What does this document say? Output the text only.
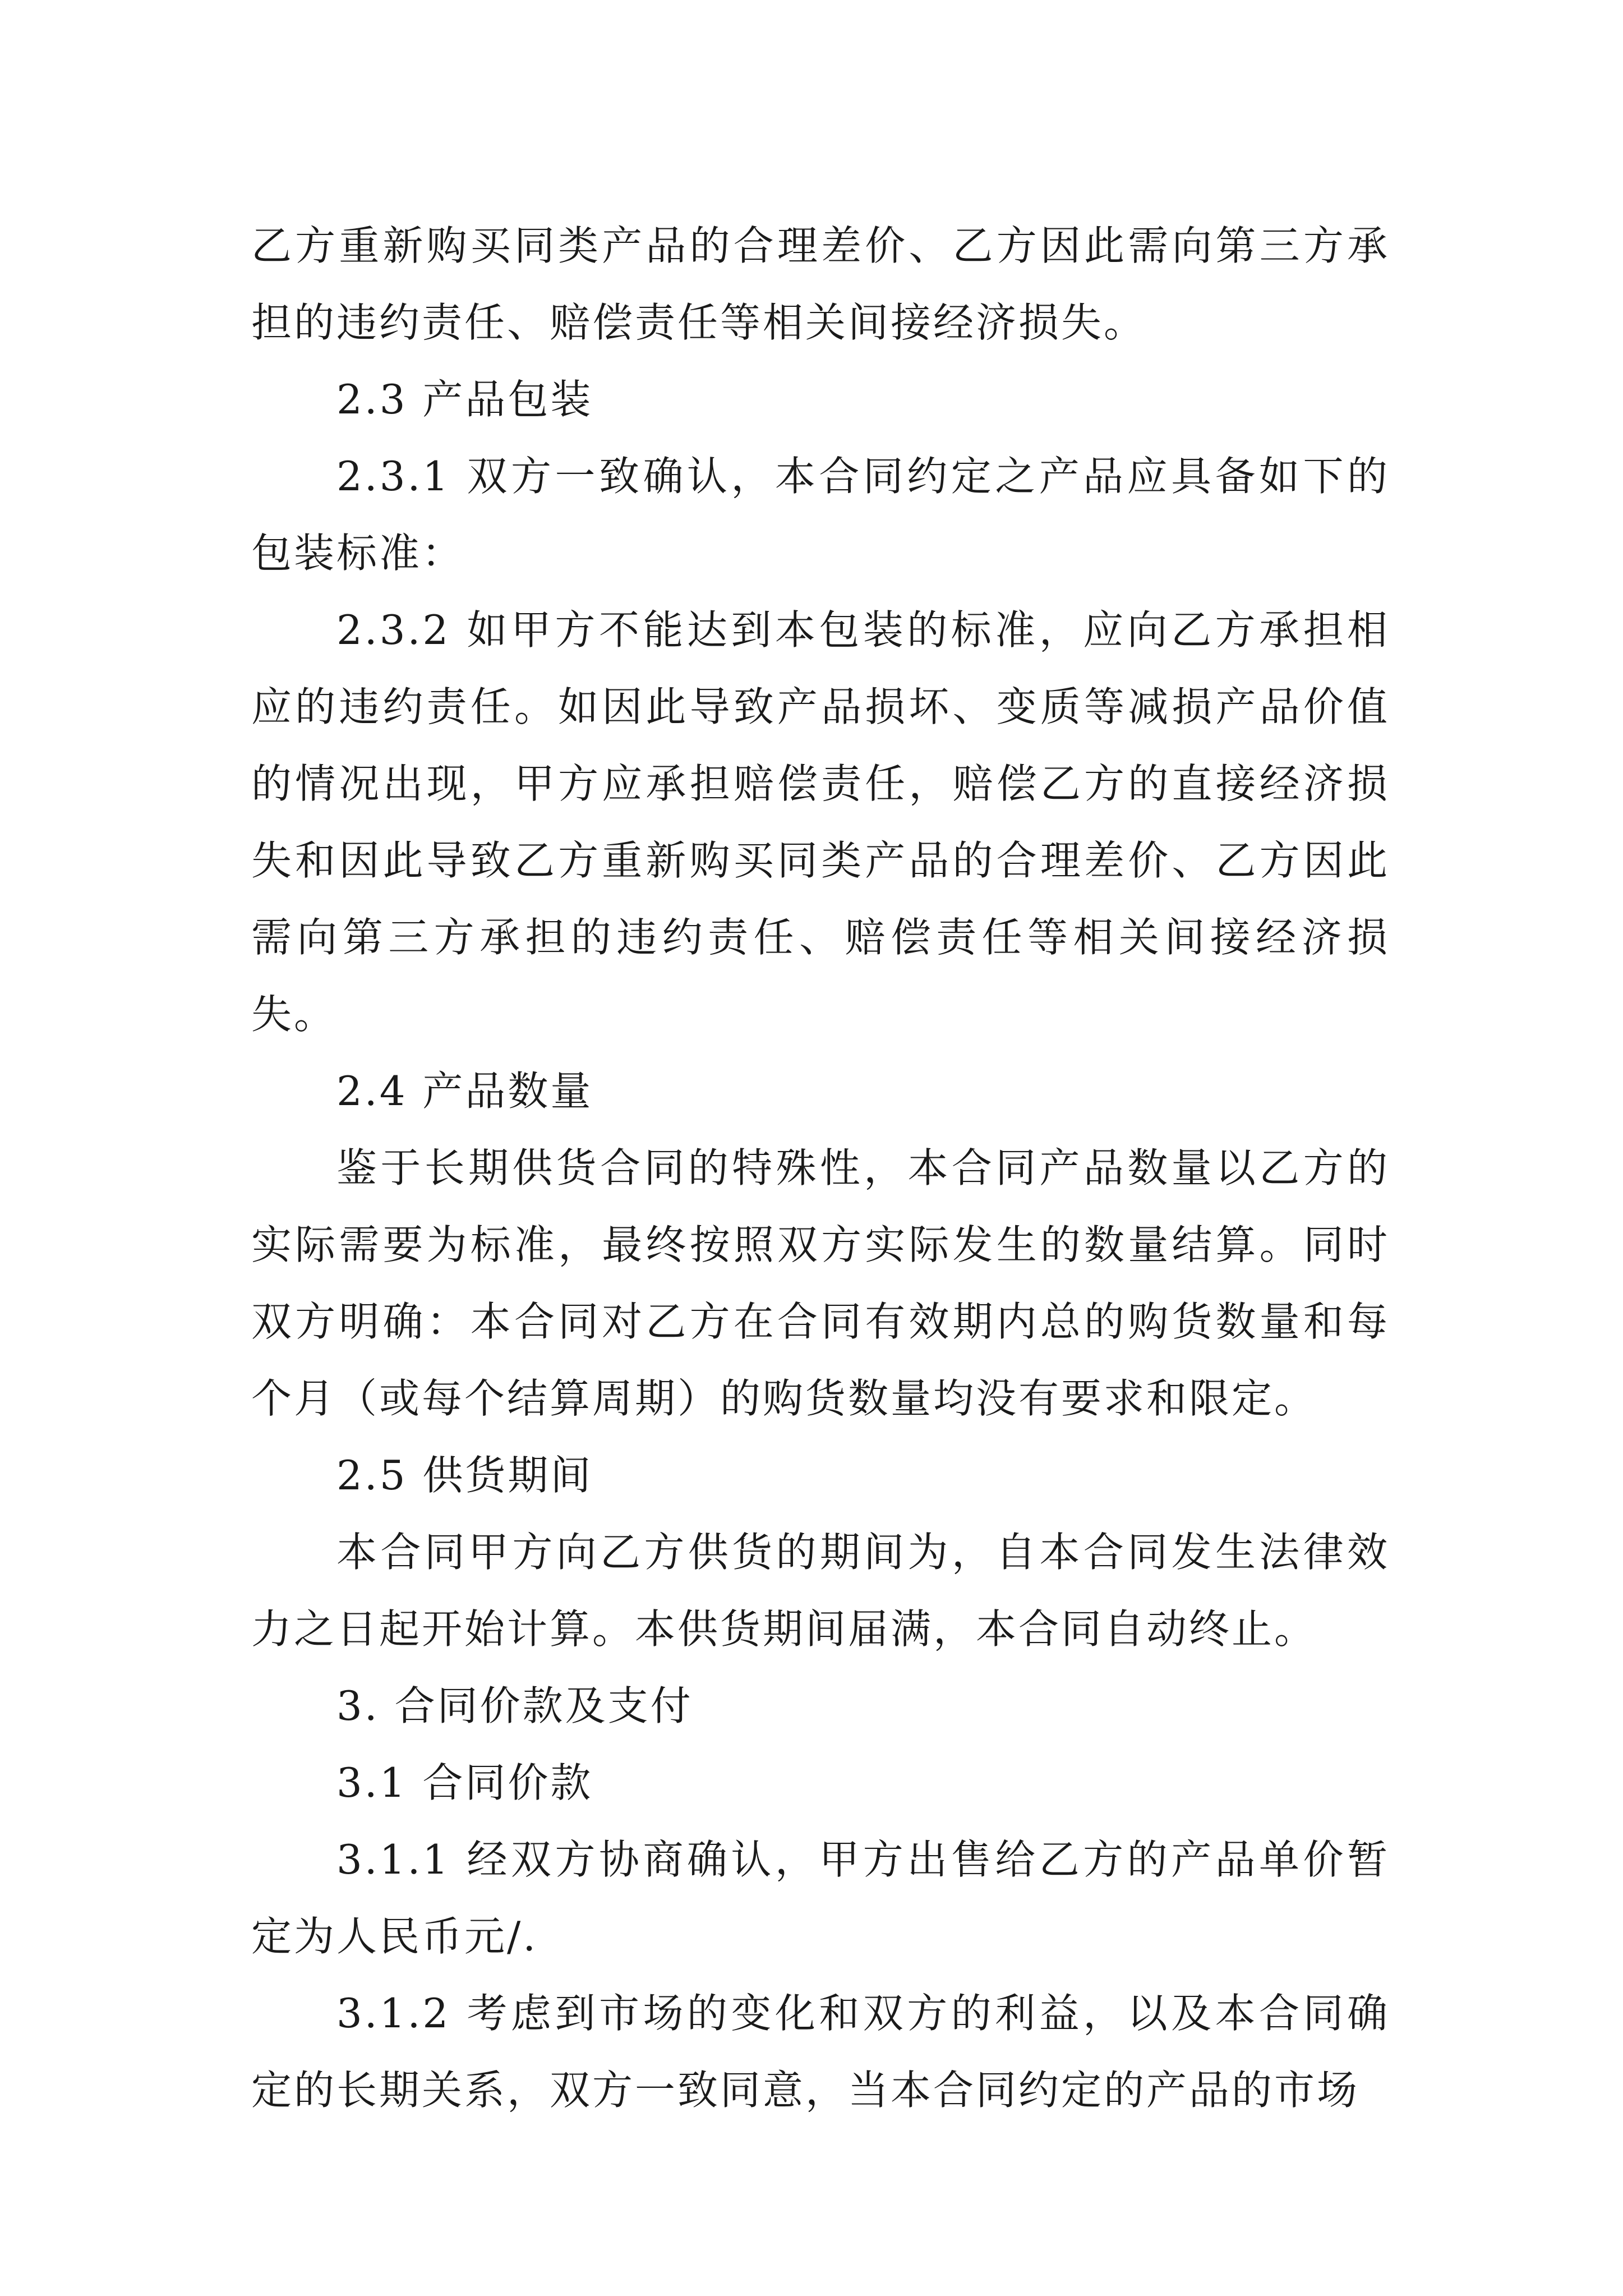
乙方重新购买同类产品的合理差价、乙方因此需向第三方承担的违约责任、赔偿责任等相关间接经济损失。

2.3 产品包装

2.3.1 双方一致确认，本合同约定之产品应具备如下的包装标准：

2.3.2 如甲方不能达到本包装的标准，应向乙方承担相应的违约责任。如因此导致产品损坏、变质等减损产品价值的情况出现，甲方应承担赔偿责任，赔偿乙方的直接经济损失和因此导致乙方重新购买同类产品的合理差价、乙方因此需向第三方承担的违约责任、赔偿责任等相关间接经济损失。

2.4 产品数量

鉴于长期供货合同的特殊性，本合同产品数量以乙方的实际需要为标准，最终按照双方实际发生的数量结算。同时双方明确：本合同对乙方在合同有效期内总的购货数量和每个月（或每个结算周期）的购货数量均没有要求和限定。

2.5 供货期间

本合同甲方向乙方供货的期间为，自本合同发生法律效力之日起开始计算。本供货期间届满，本合同自动终止。

3. 合同价款及支付

3.1 合同价款

3.1.1 经双方协商确认，甲方出售给乙方的产品单价暂定为人民币元/.

3.1.2 考虑到市场的变化和双方的利益，以及本合同确定的长期关系，双方一致同意，当本合同约定的产品的市场
